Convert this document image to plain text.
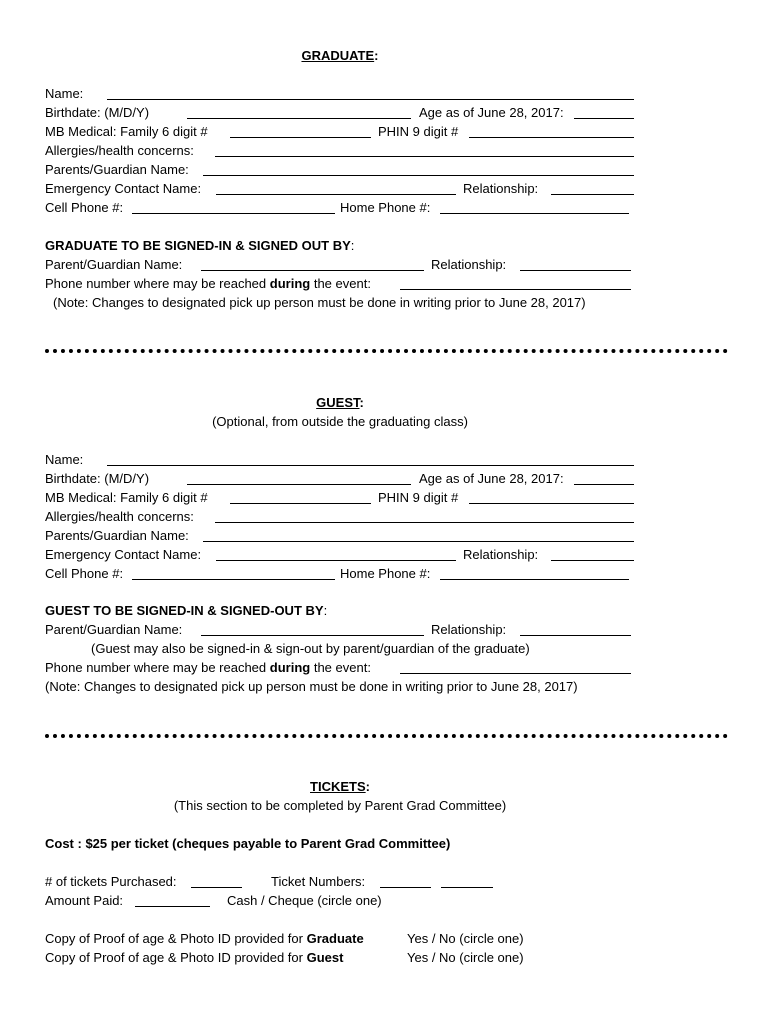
GRADUATE:
Name:
Birthdate: (M/D/Y)	Age as of June 28, 2017:
MB Medical: Family 6 digit #	PHIN 9 digit #
Allergies/health concerns:
Parents/Guardian Name:
Emergency Contact Name:	Relationship:
Cell Phone #:	Home Phone #:
GRADUATE TO BE SIGNED-IN & SIGNED OUT BY:
Parent/Guardian Name:	Relationship:
Phone number where may be reached during the event:
(Note: Changes to designated pick up person must be done in writing prior to June 28, 2017)
GUEST:
(Optional, from outside the graduating class)
Name:
Birthdate: (M/D/Y)	Age as of June 28, 2017:
MB Medical: Family 6 digit #	PHIN 9 digit #
Allergies/health concerns:
Parents/Guardian Name:
Emergency Contact Name:	Relationship:
Cell Phone #:	Home Phone #:
GUEST TO BE SIGNED-IN & SIGNED-OUT BY:
Parent/Guardian Name:	Relationship:
(Guest may also be signed-in & sign-out by parent/guardian of the graduate)
Phone number where may be reached during the event:
(Note: Changes to designated pick up person must be done in writing prior to June 28, 2017)
TICKETS:
(This section to be completed by Parent Grad Committee)
Cost : $25 per ticket (cheques payable to Parent Grad Committee)
# of tickets Purchased:	Ticket Numbers:
Amount Paid:	Cash / Cheque (circle one)
Copy of Proof of age & Photo ID provided for Graduate	Yes / No (circle one)
Copy of Proof of age & Photo ID provided for Guest	Yes / No (circle one)
